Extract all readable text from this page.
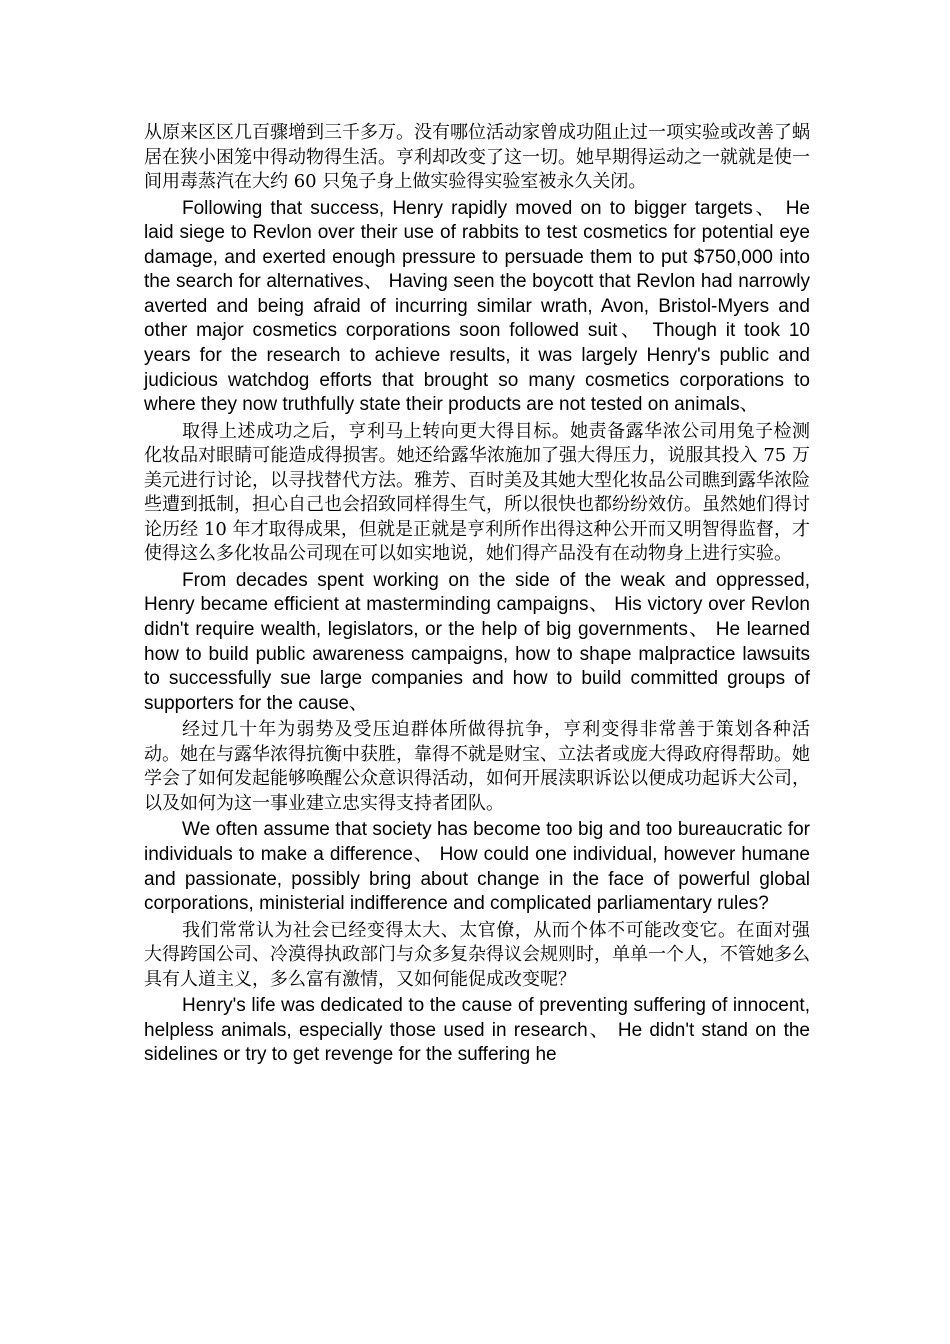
从原来区区几百骤增到三千多万。没有哪位活动家曾成功阻止过一项实验或改善了蜗居在狭小困笼中得动物得生活。亨利却改变了这一切。她早期得运动之一就就是使一间用毒蒸汽在大约 60 只兔子身上做实验得实验室被永久关闭。

Following that success, Henry rapidly moved on to bigger targets、 He laid siege to Revlon over their use of rabbits to test cosmetics for potential eye damage, and exerted enough pressure to persuade them to put $750,000 into the search for alternatives、 Having seen the boycott that Revlon had narrowly averted and being afraid of incurring similar wrath, Avon, Bristol-Myers and other major cosmetics corporations soon followed suit、 Though it took 10 years for the research to achieve results, it was largely Henry's public and judicious watchdog efforts that brought so many cosmetics corporations to where they now truthfully state their products are not tested on animals、

取得上述成功之后，亨利马上转向更大得目标。她责备露华浓公司用兔子检测化妆品对眼睛可能造成得损害。她还给露华浓施加了强大得压力，说服其投入 75 万美元进行讨论，以寻找替代方法。雅芳、百时美及其她大型化妆品公司瞧到露华浓险些遭到抵制，担心自己也会招致同样得生气，所以很快也都纷纷效仿。虽然她们得讨论历经 10 年才取得成果，但就是正就是亨利所作出得这种公开而又明智得监督，才使得这么多化妆品公司现在可以如实地说，她们得产品没有在动物身上进行实验。

From decades spent working on the side of the weak and oppressed, Henry became efficient at masterminding campaigns、 His victory over Revlon didn't require wealth, legislators, or the help of big governments、 He learned how to build public awareness campaigns, how to shape malpractice lawsuits to successfully sue large companies and how to build committed groups of supporters for the cause、

经过几十年为弱势及受压迫群体所做得抗争，亨利变得非常善于策划各种活动。她在与露华浓得抗衡中获胜，靠得不就是财宝、立法者或庞大得政府得帮助。她学会了如何发起能够唤醒公众意识得活动，如何开展渎职诉讼以便成功起诉大公司，以及如何为这一事业建立忠实得支持者团队。

We often assume that society has become too big and too bureaucratic for individuals to make a difference、 How could one individual, however humane and passionate, possibly bring about change in the face of powerful global corporations, ministerial indifference and complicated parliamentary rules?

我们常常认为社会已经变得太大、太官僚，从而个体不可能改变它。在面对强大得跨国公司、冷漠得执政部门与众多复杂得议会规则时，单单一个人，不管她多么具有人道主义，多么富有激情，又如何能促成改变呢？

Henry's life was dedicated to the cause of preventing suffering of innocent, helpless animals, especially those used in research、 He didn't stand on the sidelines or try to get revenge for the suffering he
